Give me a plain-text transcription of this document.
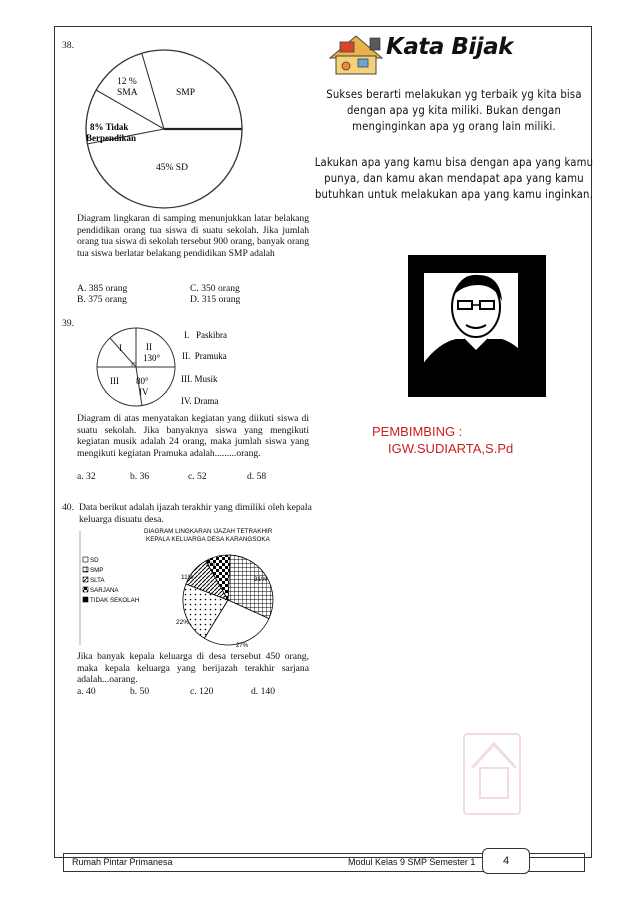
38.
12 %
SMA	SMP
8% Tidak
Berpendikan
45% SD
Diagram lingkaran di samping menunjukkan latar belakang pendidikan orang tua siswa di suatu sekolah. Jika jumlah orang tua siswa di sekolah tersebut 900 orang, banyak orang tua siswa berlatar belakang pendidikan SMP adalah
A. 385 orang	C. 350 orang
B. 375 orang	D. 315 orang
39.
I	II
130°
III 80°
IV
I.   Paskibra
II.  Pramuka
III. Musik
IV. Drama
Diagram di atas menyatakan kegiatan yang diikuti siswa di suatu sekolah. Jika banyaknya siswa yang mengikuti kegiatan musik adalah 24 orang, maka jumlah siswa yang mengikuti kegiatan Pramuka adalah.........orang.
a. 32	b. 36	c. 52	d. 58
40. Data berikut adalah ijazah terakhir yang dimiliki oleh kepala keluarga disuatu desa.
DIAGRAM LINGKARAN IJAZAH TETRAKHIR
KEPALA KELUARGA DESA KARANGSOKA
SD
SMP
SLTA
SARJANA
TIDAK SEKOLAH
9%
31%
11%
22%
27%
Jika banyak kepala keluarga di desa tersebut 450 orang, maka kepala keluarga yang berijazah terakhir sarjana adalah...oarang.
a. 40	b. 50	c. 120	d. 140
Kata Bijak
Sukses berarti melakukan yg terbaik yg kita bisa dengan apa yg kita miliki. Bukan dengan menginginkan apa yg orang lain miliki.
Lakukan apa yang kamu bisa dengan apa yang kamu punya, dan kamu akan mendapat apa yang kamu butuhkan untuk melakukan apa yang kamu inginkan.
PEMBIMBING :
IGW.SUDIARTA,S.Pd
Rumah Pintar Primanesa	Modul Kelas 9 SMP Semester 1	4
